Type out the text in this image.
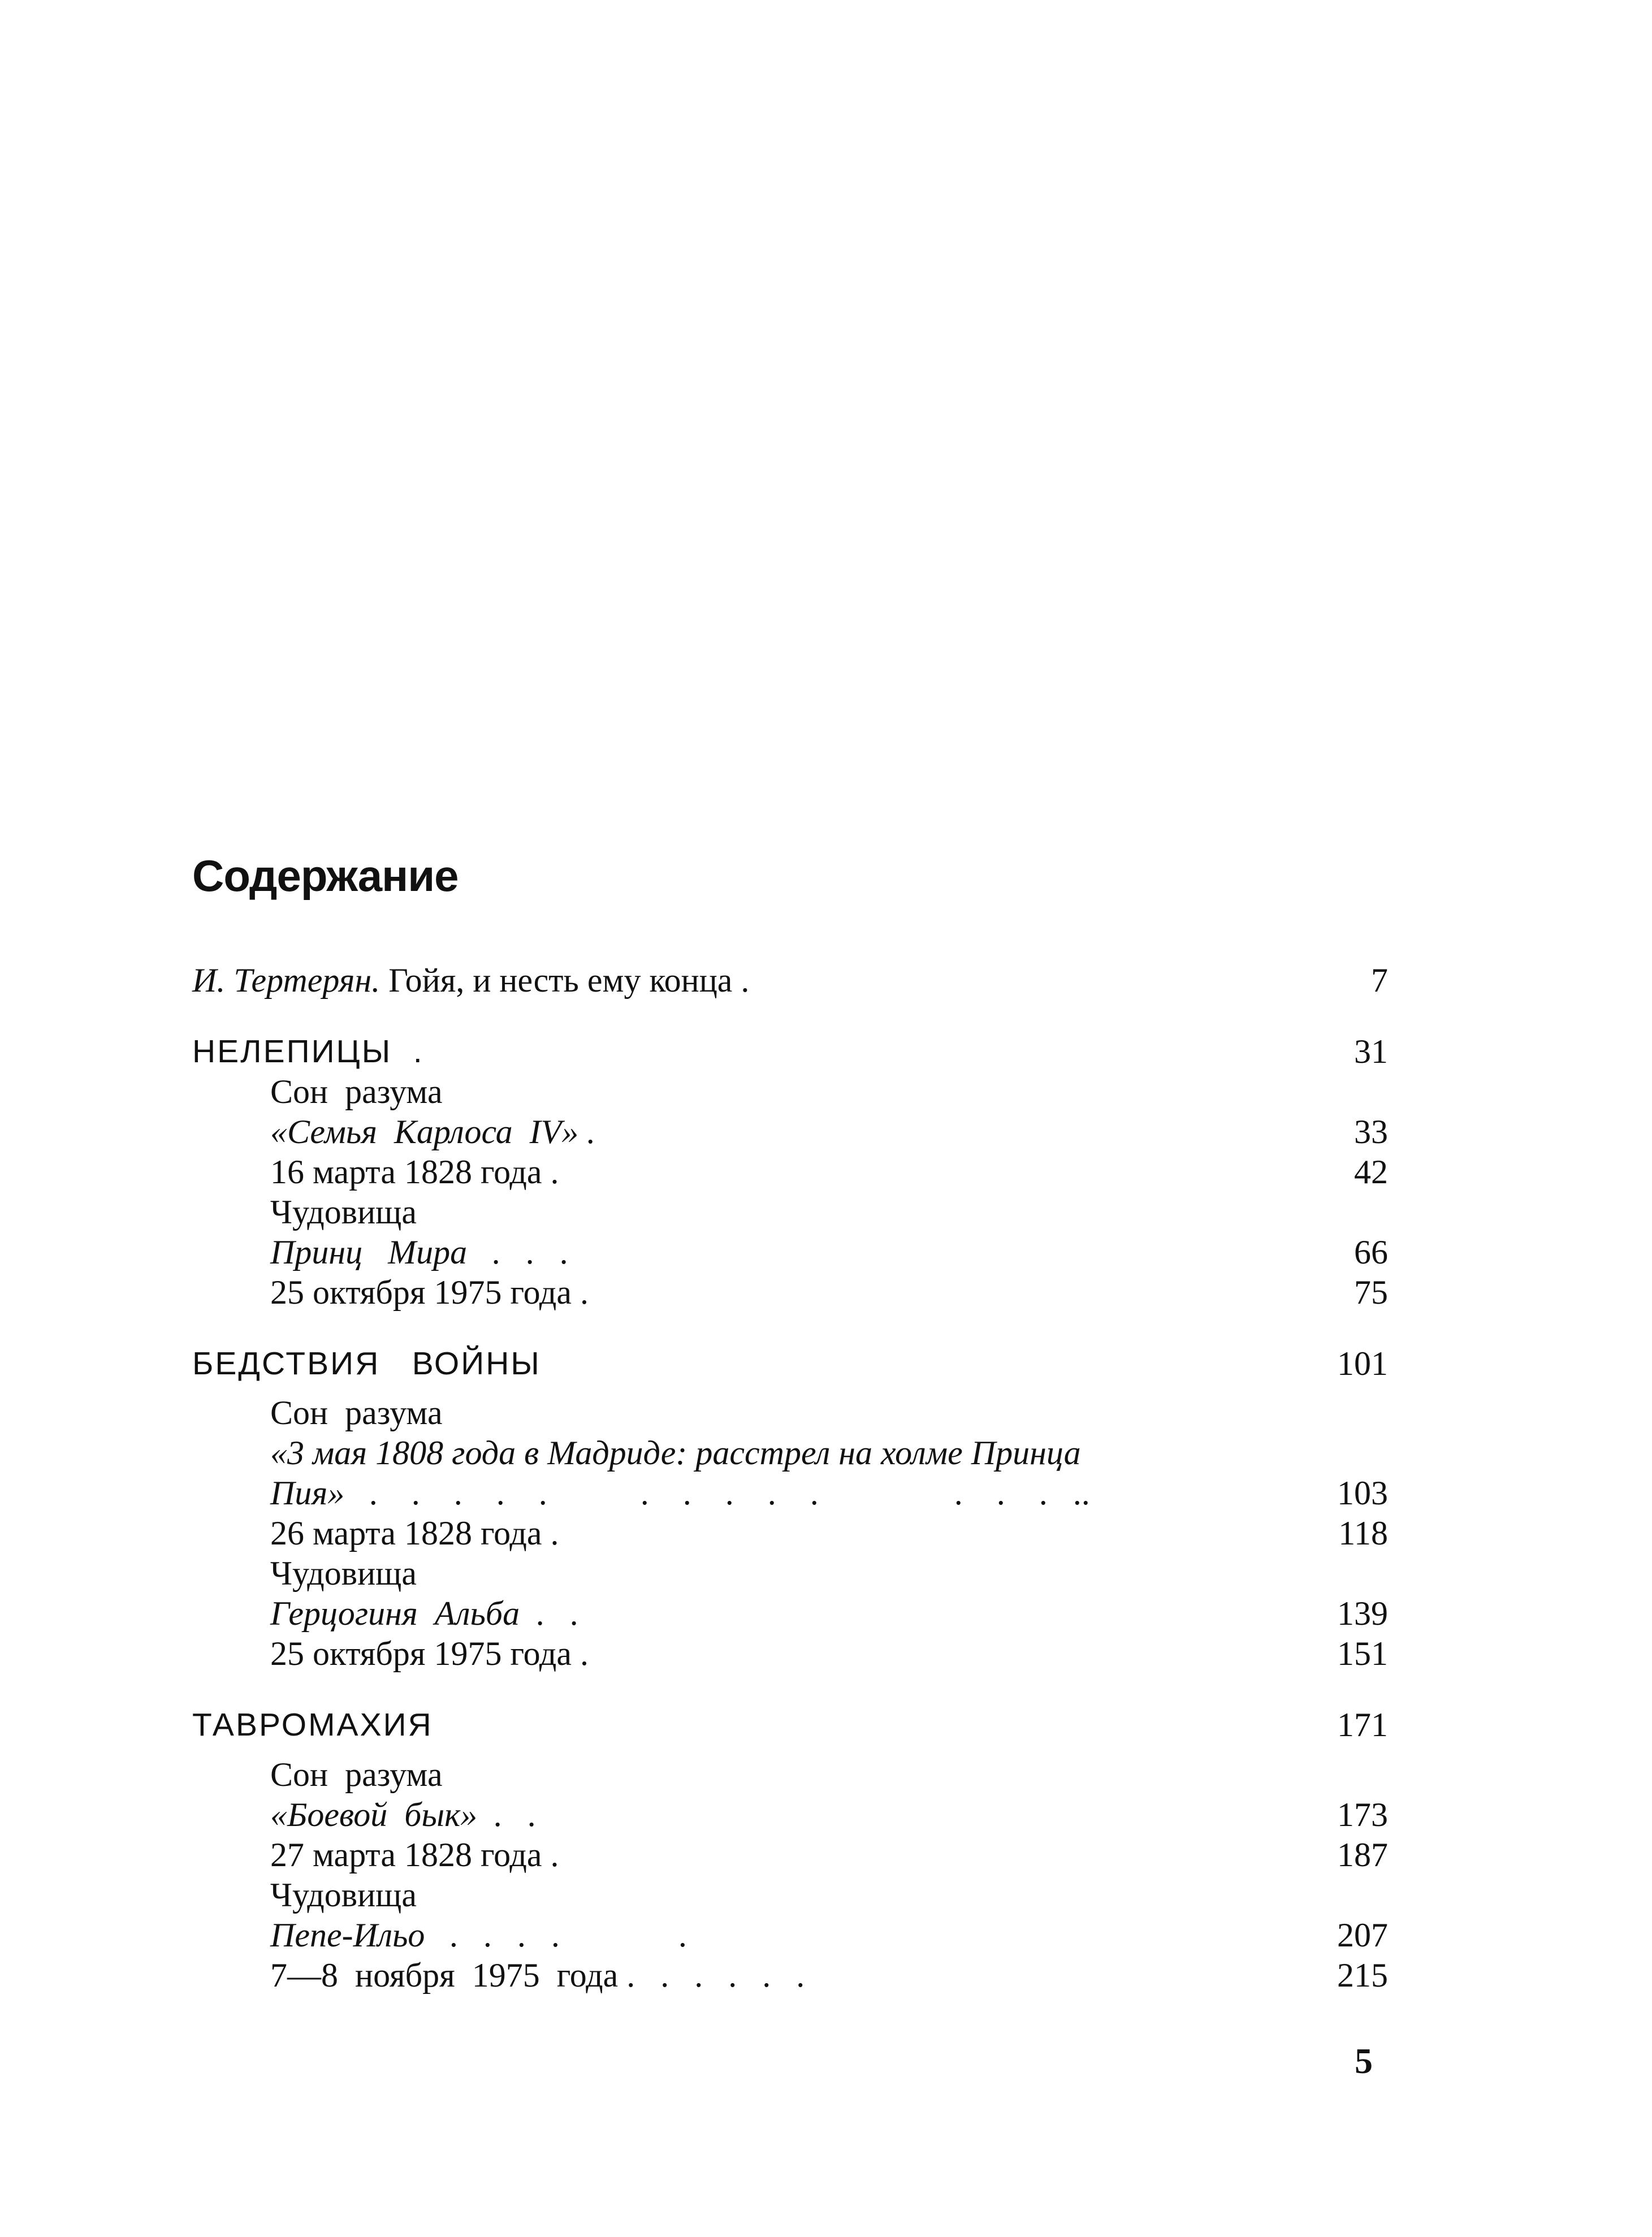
Содержание
И. Тертерян. Гойя, и несть ему конца .	7
НЕЛЕПИЦЫ  .	31
Сон  разума
«Семья  Карлоса  IV» .	33
16 марта 1828 года .	42
Чудовища
Принц   Мира   .   .   .	66
25 октября 1975 года .	75
БЕДСТВИЯ   ВОЙНЫ	101
Сон  разума
«3 мая 1808 года в Мадриде: расстрел на холме Принца
Пия»   .    .    .    .    .           .    .    .    .    .                .    .    .   ..	103
26 марта 1828 года .	118
Чудовища
Герцогиня  Альба  .   .	139
25 октября 1975 года .	151
ТАВРОМАХИЯ	171
Сон  разума
«Боевой  бык»  .   .	173
27 марта 1828 года .	187
Чудовища
Пепе-Ильо   .   .   .   .              .	207
7—8  ноября  1975  года .   .   .   .   .   .	215
5
